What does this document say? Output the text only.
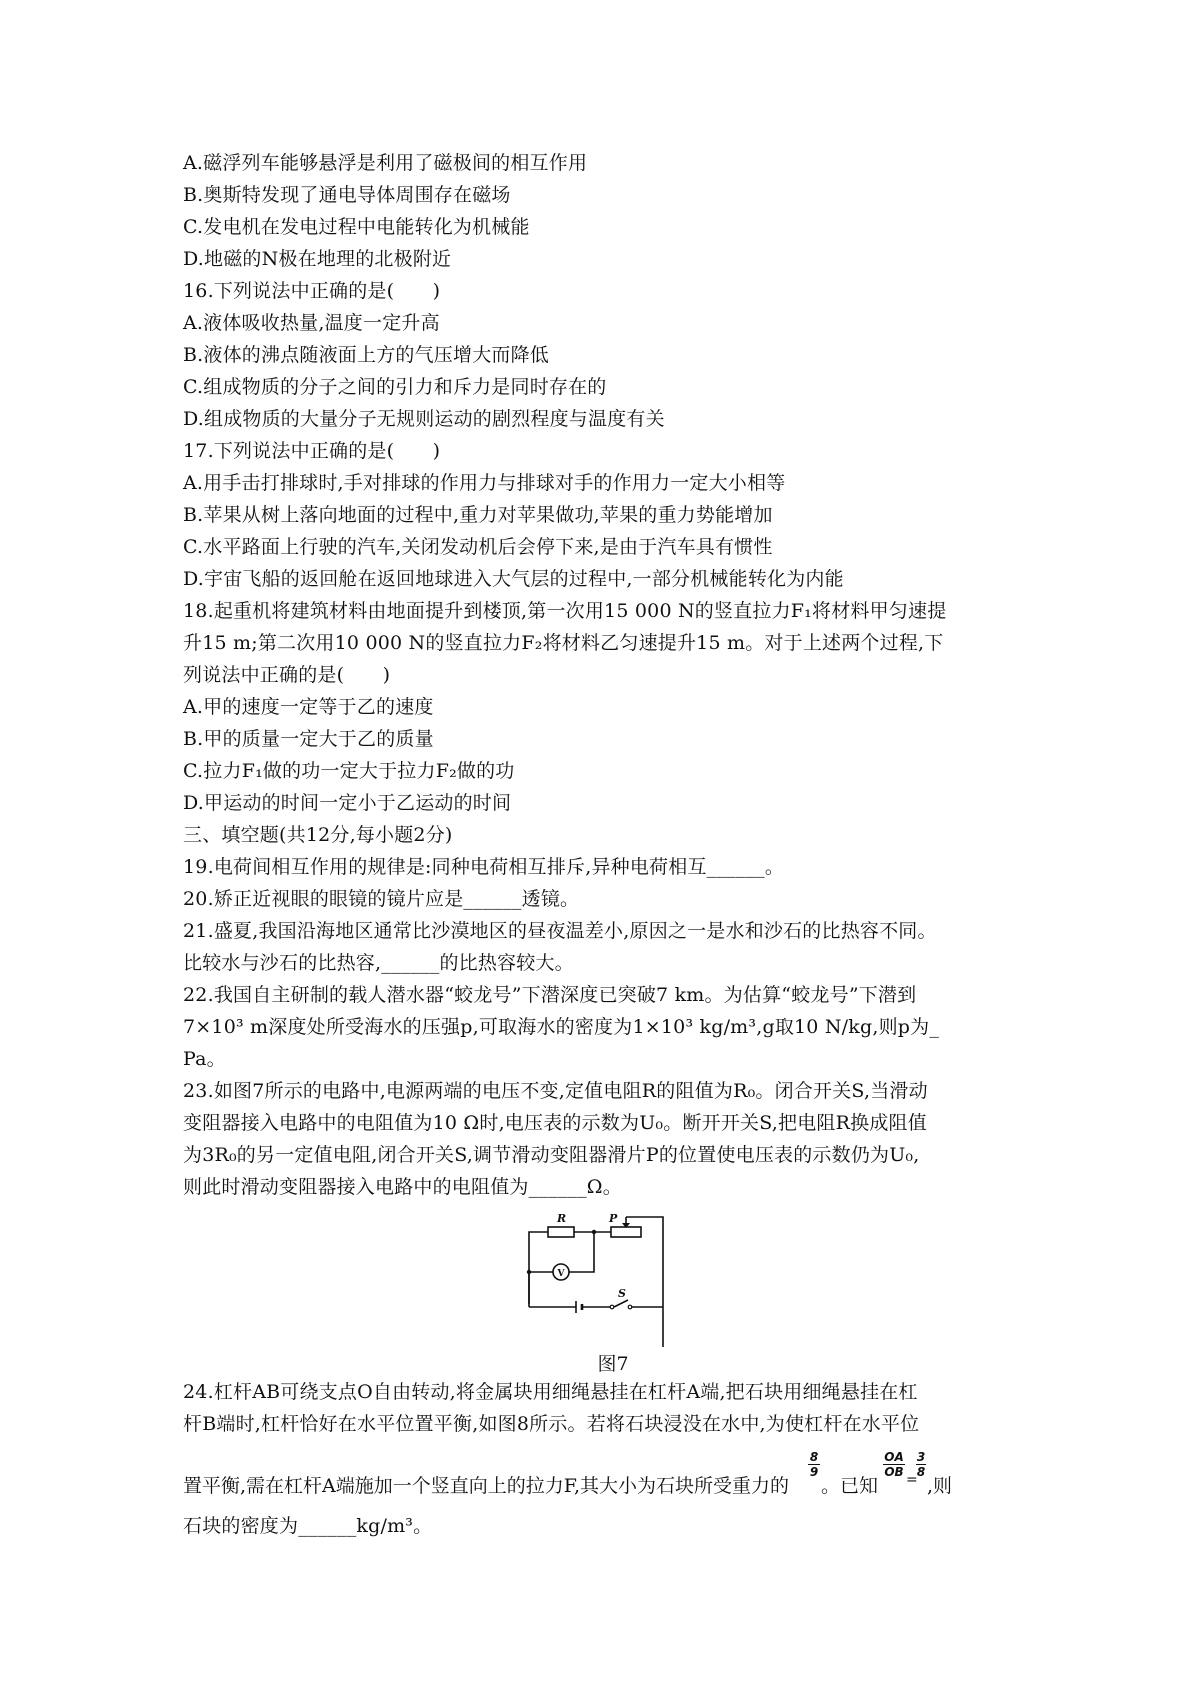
A.磁浮列车能够悬浮是利用了磁极间的相互作用
B.奥斯特发现了通电导体周围存在磁场
C.发电机在发电过程中电能转化为机械能
D.地磁的N极在地理的北极附近
16.下列说法中正确的是(　　)
A.液体吸收热量,温度一定升高
B.液体的沸点随液面上方的气压增大而降低
C.组成物质的分子之间的引力和斥力是同时存在的
D.组成物质的大量分子无规则运动的剧烈程度与温度有关
17.下列说法中正确的是(　　)
A.用手击打排球时,手对排球的作用力与排球对手的作用力一定大小相等
B.苹果从树上落向地面的过程中,重力对苹果做功,苹果的重力势能增加
C.水平路面上行驶的汽车,关闭发动机后会停下来,是由于汽车具有惯性
D.宇宙飞船的返回舱在返回地球进入大气层的过程中,一部分机械能转化为内能
18.起重机将建筑材料由地面提升到楼顶,第一次用15 000 N的竖直拉力F₁将材料甲匀速提
升15 m;第二次用10 000 N的竖直拉力F₂将材料乙匀速提升15 m。对于上述两个过程,下
列说法中正确的是(　　)
A.甲的速度一定等于乙的速度
B.甲的质量一定大于乙的质量
C.拉力F₁做的功一定大于拉力F₂做的功
D.甲运动的时间一定小于乙运动的时间
三、填空题(共12分,每小题2分)
19.电荷间相互作用的规律是:同种电荷相互排斥,异种电荷相互______。
20.矫正近视眼的眼镜的镜片应是______透镜。
21.盛夏,我国沿海地区通常比沙漠地区的昼夜温差小,原因之一是水和沙石的比热容不同。
比较水与沙石的比热容,______的比热容较大。
22.我国自主研制的载人潜水器“蛟龙号”下潜深度已突破7 km。为估算“蛟龙号”下潜到
7×10³ m深度处所受海水的压强p,可取海水的密度为1×10³ kg/m³,g取10 N/kg,则p为_
Pa。
23.如图7所示的电路中,电源两端的电压不变,定值电阻R的阻值为R₀。闭合开关S,当滑动
变阻器接入电路中的电阻值为10 Ω时,电压表的示数为U₀。断开开关S,把电阻R换成阻值
为3R₀的另一定值电阻,闭合开关S,调节滑动变阻器滑片P的位置使电压表的示数仍为U₀,
则此时滑动变阻器接入电路中的电阻值为______Ω。
R	P
V
S
图7
24.杠杆AB可绕支点O自由转动,将金属块用细绳悬挂在杠杆A端,把石块用细绳悬挂在杠
杆B端时,杠杆恰好在水平位置平衡,如图8所示。若将石块浸没在水中,为使杠杆在水平位
置平衡,需在杠杆A端施加一个竖直向上的拉力F,其大小为石块所受重力的
8
9
。已知
OA
OB =
3
8
,则
石块的密度为______kg/m³。
